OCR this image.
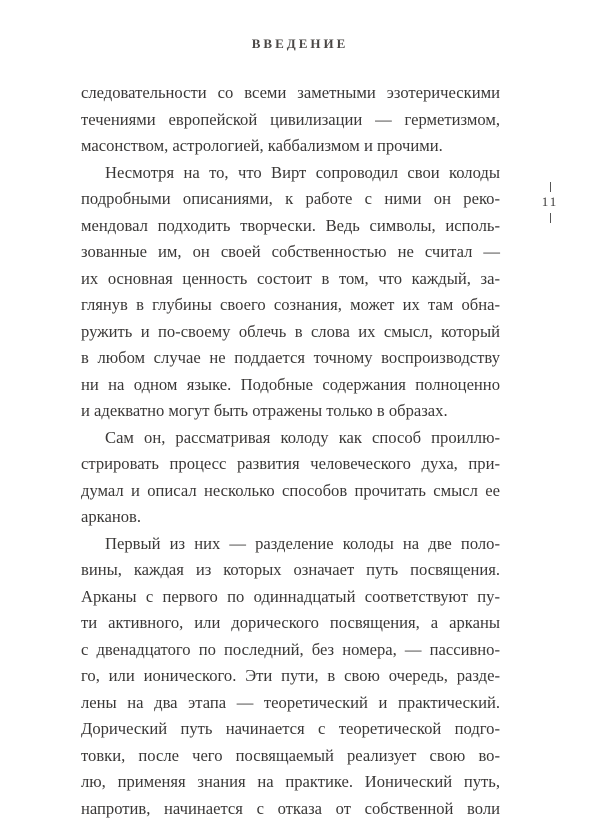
ВВЕДЕНИЕ
11
следовательности со всеми заметными эзотерическими
течениями европейской цивилизации — герметизмом,
масонством, астрологией, каббализмом и прочими.
Несмотря на то, что Вирт сопроводил свои колоды
подробными описаниями, к работе с ними он реко-
мендовал подходить творчески. Ведь символы, исполь-
зованные им, он своей собственностью не считал —
их основная ценность состоит в том, что каждый, за-
глянув в глубины своего сознания, может их там обна-
ружить и по-своему облечь в слова их смысл, который
в любом случае не поддается точному воспроизводству
ни на одном языке. Подобные содержания полноценно
и адекватно могут быть отражены только в образах.
Сам он, рассматривая колоду как способ проиллю-
стрировать процесс развития человеческого духа, при-
думал и описал несколько способов прочитать смысл ее
арканов.
Первый из них — разделение колоды на две поло-
вины, каждая из которых означает путь посвящения.
Арканы с первого по одиннадцатый соответствуют пу-
ти активного, или дорического посвящения, а арканы
с двенадцатого по последний, без номера, — пассивно-
го, или ионического. Эти пути, в свою очередь, разде-
лены на два этапа — теоретический и практический.
Дорический путь начинается с теоретической подго-
товки, после чего посвящаемый реализует свою во-
лю, применяя знания на практике. Ионический путь,
напротив, начинается с отказа от собственной воли
